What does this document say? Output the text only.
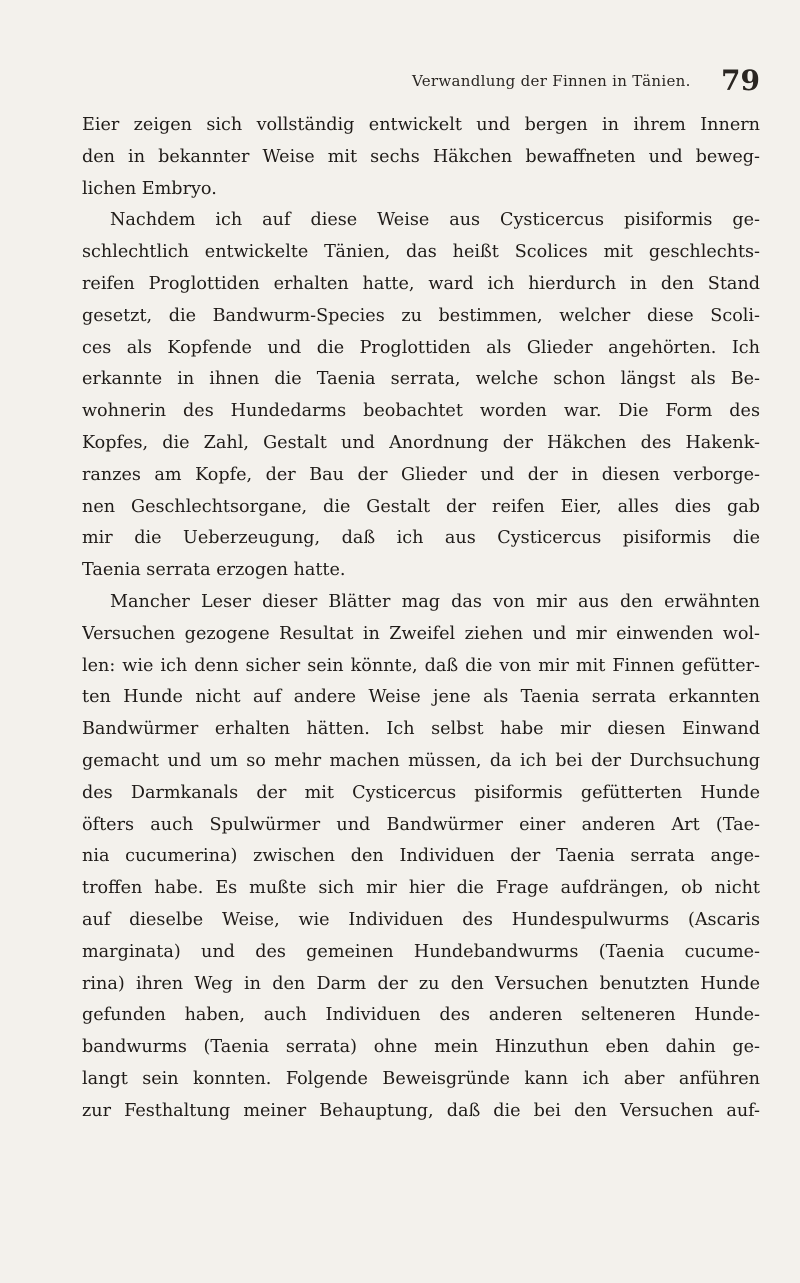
Verwandlung der Finnen in Tänien. 79
Eier zeigen sich vollständig entwickelt und bergen in ihrem Innern
den in bekannter Weise mit sechs Häkchen bewaffneten und beweg-
lichen Embryo.
Nachdem ich auf diese Weise aus Cysticercus pisiformis ge-
schlechtlich entwickelte Tänien, das heißt Scolices mit geschlechts-
reifen Proglottiden erhalten hatte, ward ich hierdurch in den Stand
gesetzt, die Bandwurm-Species zu bestimmen, welcher diese Scoli-
ces als Kopfende und die Proglottiden als Glieder angehörten. Ich
erkannte in ihnen die Taenia serrata, welche schon längst als Be-
wohnerin des Hundedarms beobachtet worden war. Die Form des
Kopfes, die Zahl, Gestalt und Anordnung der Häkchen des Hakenk-
ranzes am Kopfe, der Bau der Glieder und der in diesen verborge-
nen Geschlechtsorgane, die Gestalt der reifen Eier, alles dies gab
mir die Ueberzeugung, daß ich aus Cysticercus pisiformis die
Taenia serrata erzogen hatte.
Mancher Leser dieser Blätter mag das von mir aus den erwähnten
Versuchen gezogene Resultat in Zweifel ziehen und mir einwenden wol-
len: wie ich denn sicher sein könnte, daß die von mir mit Finnen gefütter-
ten Hunde nicht auf andere Weise jene als Taenia serrata erkannten
Bandwürmer erhalten hätten. Ich selbst habe mir diesen Einwand
gemacht und um so mehr machen müssen, da ich bei der Durchsuchung
des Darmkanals der mit Cysticercus pisiformis gefütterten Hunde
öfters auch Spulwürmer und Bandwürmer einer anderen Art (Tae-
nia cucumerina) zwischen den Individuen der Taenia serrata ange-
troffen habe. Es mußte sich mir hier die Frage aufdrängen, ob nicht
auf dieselbe Weise, wie Individuen des Hundespulwurms (Ascaris
marginata) und des gemeinen Hundebandwurms (Taenia cucume-
rina) ihren Weg in den Darm der zu den Versuchen benutzten Hunde
gefunden haben, auch Individuen des anderen selteneren Hunde-
bandwurms (Taenia serrata) ohne mein Hinzuthun eben dahin ge-
langt sein konnten. Folgende Beweisgründe kann ich aber anführen
zur Festhaltung meiner Behauptung, daß die bei den Versuchen auf-
